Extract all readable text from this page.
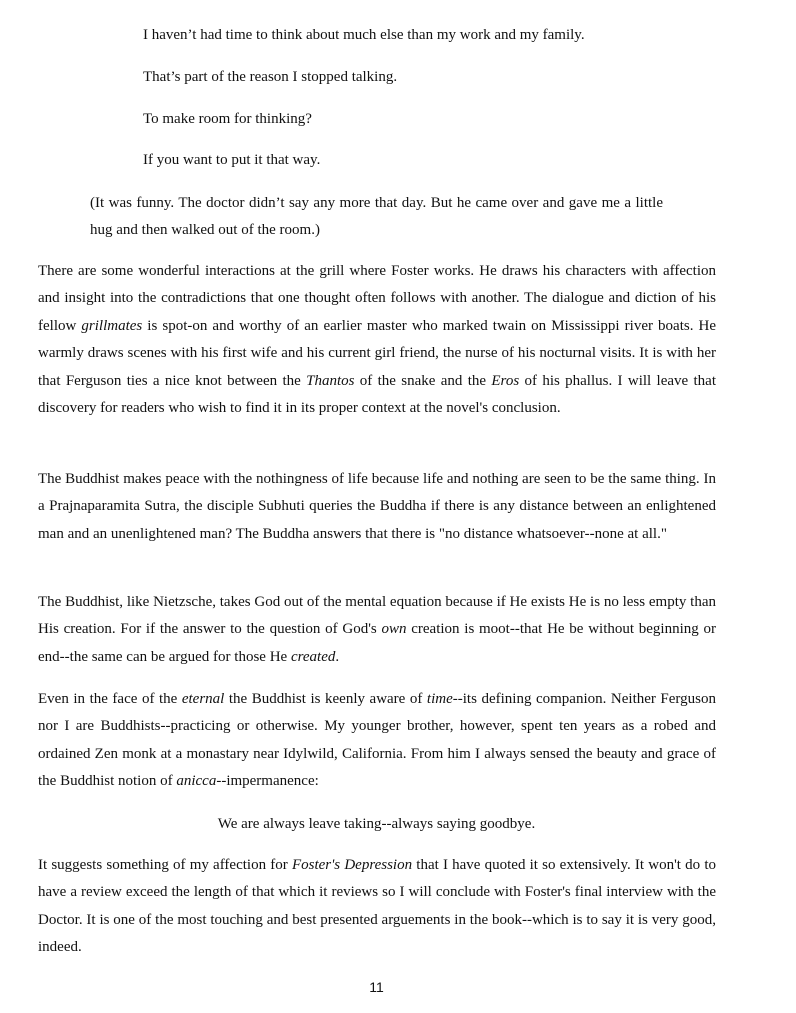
I haven’t had time to think about much else than my work and my family.
That’s part of the reason I stopped talking.
To make room for thinking?
If you want to put it that way.
(It was funny. The doctor didn’t say any more that day. But he came over and gave me a little hug and then walked out of the room.)
There are some wonderful interactions at the grill where Foster works. He draws his characters with affection and insight into the contradictions that one thought often follows with another. The dialogue and diction of his fellow grillmates is spot-on and worthy of an earlier master who marked twain on Mississippi river boats. He warmly draws scenes with his first wife and his current girl friend, the nurse of his nocturnal visits. It is with her that Ferguson ties a nice knot between the Thantos of the snake and the Eros of his phallus. I will leave that discovery for readers who wish to find it in its proper context at the novel's conclusion.
The Buddhist makes peace with the nothingness of life because life and nothing are seen to be the same thing. In a Prajnaparamita Sutra, the disciple Subhuti queries the Buddha if there is any distance between an enlightened man and an unenlightened man? The Buddha answers that there is "no distance whatsoever--none at all."
The Buddhist, like Nietzsche, takes God out of the mental equation because if He exists He is no less empty than His creation. For if the answer to the question of God's own creation is moot--that He be without beginning or end--the same can be argued for those He created.
Even in the face of the eternal the Buddhist is keenly aware of time--its defining companion. Neither Ferguson nor I are Buddhists--practicing or otherwise. My younger brother, however, spent ten years as a robed and ordained Zen monk at a monastary near Idylwild, California. From him I always sensed the beauty and grace of the Buddhist notion of anicca--impermanence:
We are always leave taking--always saying goodbye.
It suggests something of my affection for Foster's Depression that I have quoted it so extensively. It won't do to have a review exceed the length of that which it reviews so I will conclude with Foster's final interview with the Doctor. It is one of the most touching and best presented arguements in the book--which is to say it is very good, indeed.
11
